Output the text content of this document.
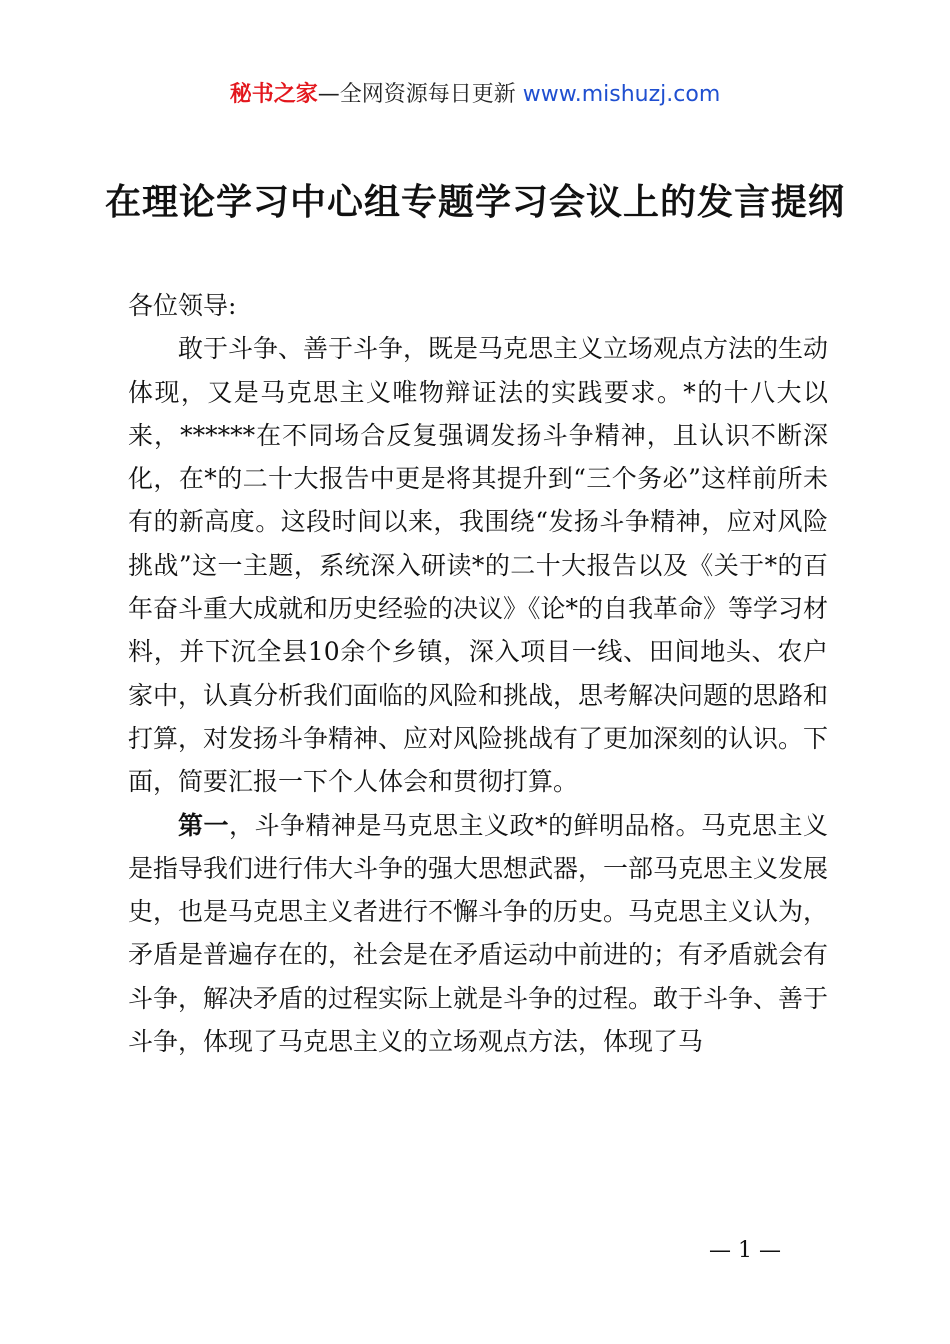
秘书之家—全网资源每日更新 www.mishuzj.com
在理论学习中心组专题学习会议上的发言提纲

各位领导:

敢于斗争、善于斗争，既是马克思主义立场观点方法的生动体现，又是马克思主义唯物辩证法的实践要求。*的十八大以来，******在不同场合反复强调发扬斗争精神，且认识不断深化，在*的二十大报告中更是将其提升到“三个务必”这样前所未有的新高度。这段时间以来，我围绕“发扬斗争精神，应对风险挑战”这一主题，系统深入研读*的二十大报告以及《关于*的百年奋斗重大成就和历史经验的决议》《论*的自我革命》等学习材料，并下沉全县10余个乡镇，深入项目一线、田间地头、农户家中，认真分析我们面临的风险和挑战，思考解决问题的思路和打算，对发扬斗争精神、应对风险挑战有了更加深刻的认识。下面，简要汇报一下个人体会和贯彻打算。

第一，斗争精神是马克思主义政*的鲜明品格。马克思主义是指导我们进行伟大斗争的强大思想武器，一部马克思主义发展史，也是马克思主义者进行不懈斗争的历史。马克思主义认为，矛盾是普遍存在的，社会是在矛盾运动中前进的；有矛盾就会有斗争，解决矛盾的过程实际上就是斗争的过程。敢于斗争、善于斗争，体现了马克思主义的立场观点方法，体现了马

— 1 —
